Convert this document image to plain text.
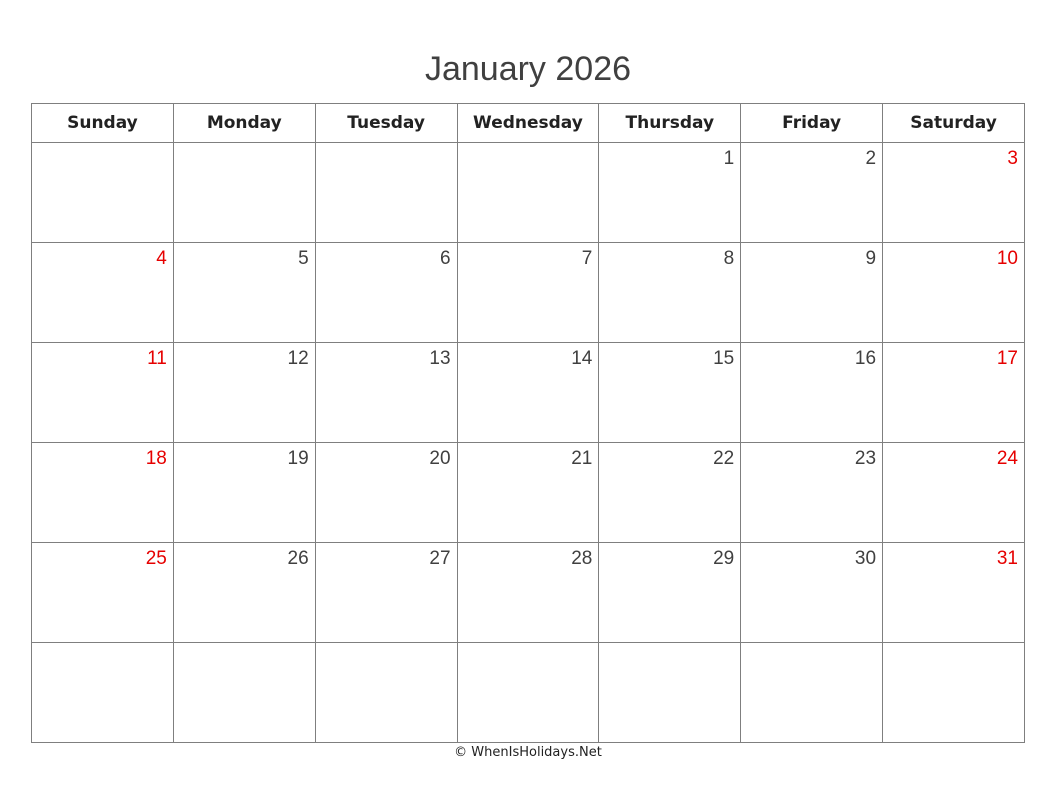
January 2026
Sunday	Monday	Tuesday	Wednesday	Thursday	Friday	Saturday

				1	2	3

4	5	6	7	8	9	10

11	12	13	14	15	16	17

18	19	20	21	22	23	24

25	26	27	28	29	30	31

© WhenIsHolidays.Net
